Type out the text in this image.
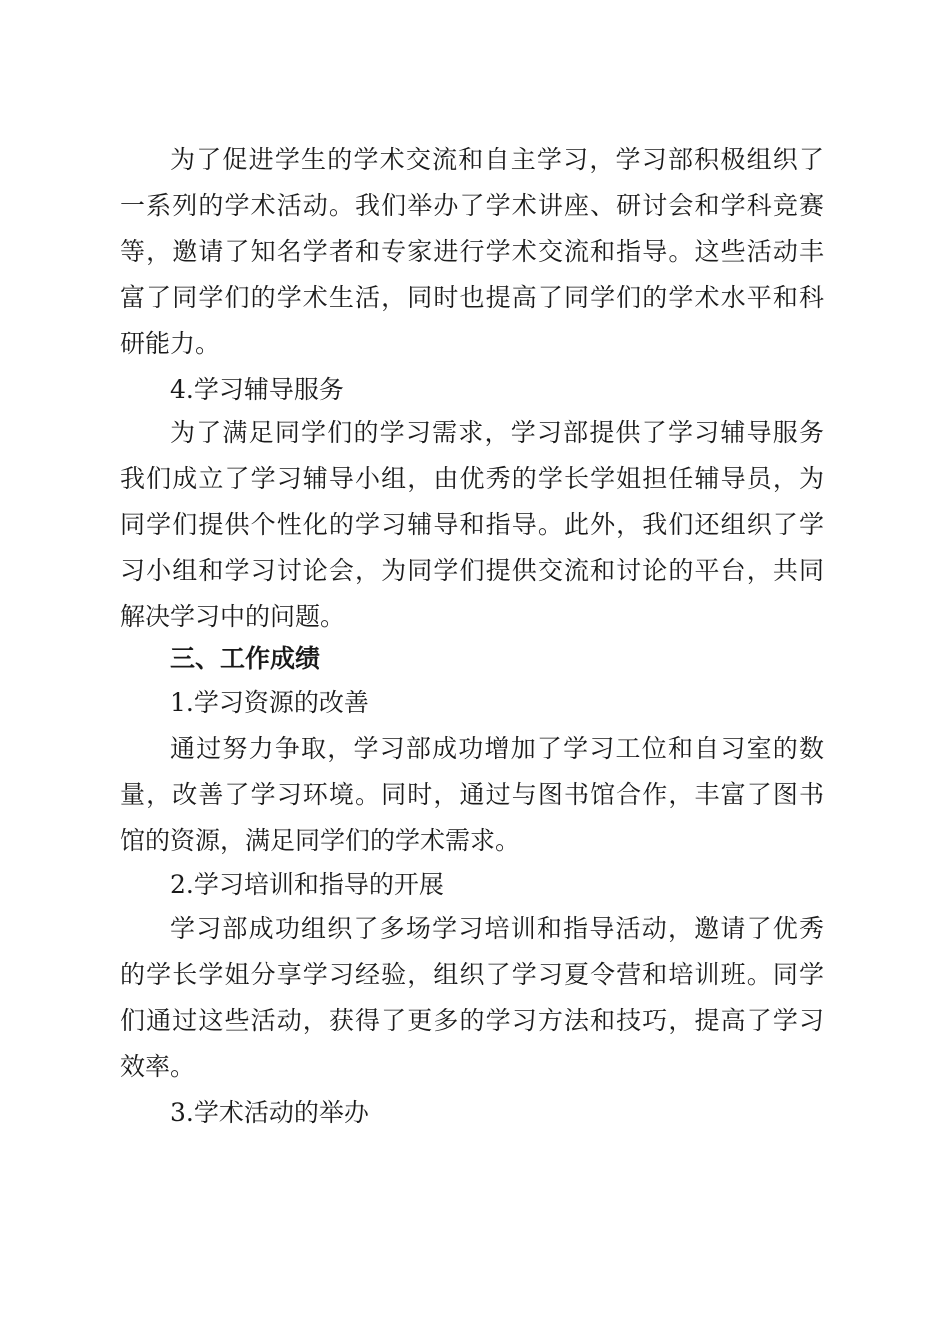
为了促进学生的学术交流和自主学习，学习部积极组织了

一系列的学术活动。我们举办了学术讲座、研讨会和学科竞赛

等，邀请了知名学者和专家进行学术交流和指导。这些活动丰

富了同学们的学术生活，同时也提高了同学们的学术水平和科

研能力。

4.学习辅导服务

为了满足同学们的学习需求，学习部提供了学习辅导服务

我们成立了学习辅导小组，由优秀的学长学姐担任辅导员，为

同学们提供个性化的学习辅导和指导。此外，我们还组织了学

习小组和学习讨论会，为同学们提供交流和讨论的平台，共同

解决学习中的问题。

三、工作成绩

1.学习资源的改善

通过努力争取，学习部成功增加了学习工位和自习室的数

量，改善了学习环境。同时，通过与图书馆合作，丰富了图书

馆的资源，满足同学们的学术需求。

2.学习培训和指导的开展

学习部成功组织了多场学习培训和指导活动，邀请了优秀

的学长学姐分享学习经验，组织了学习夏令营和培训班。同学

们通过这些活动，获得了更多的学习方法和技巧，提高了学习

效率。

3.学术活动的举办
